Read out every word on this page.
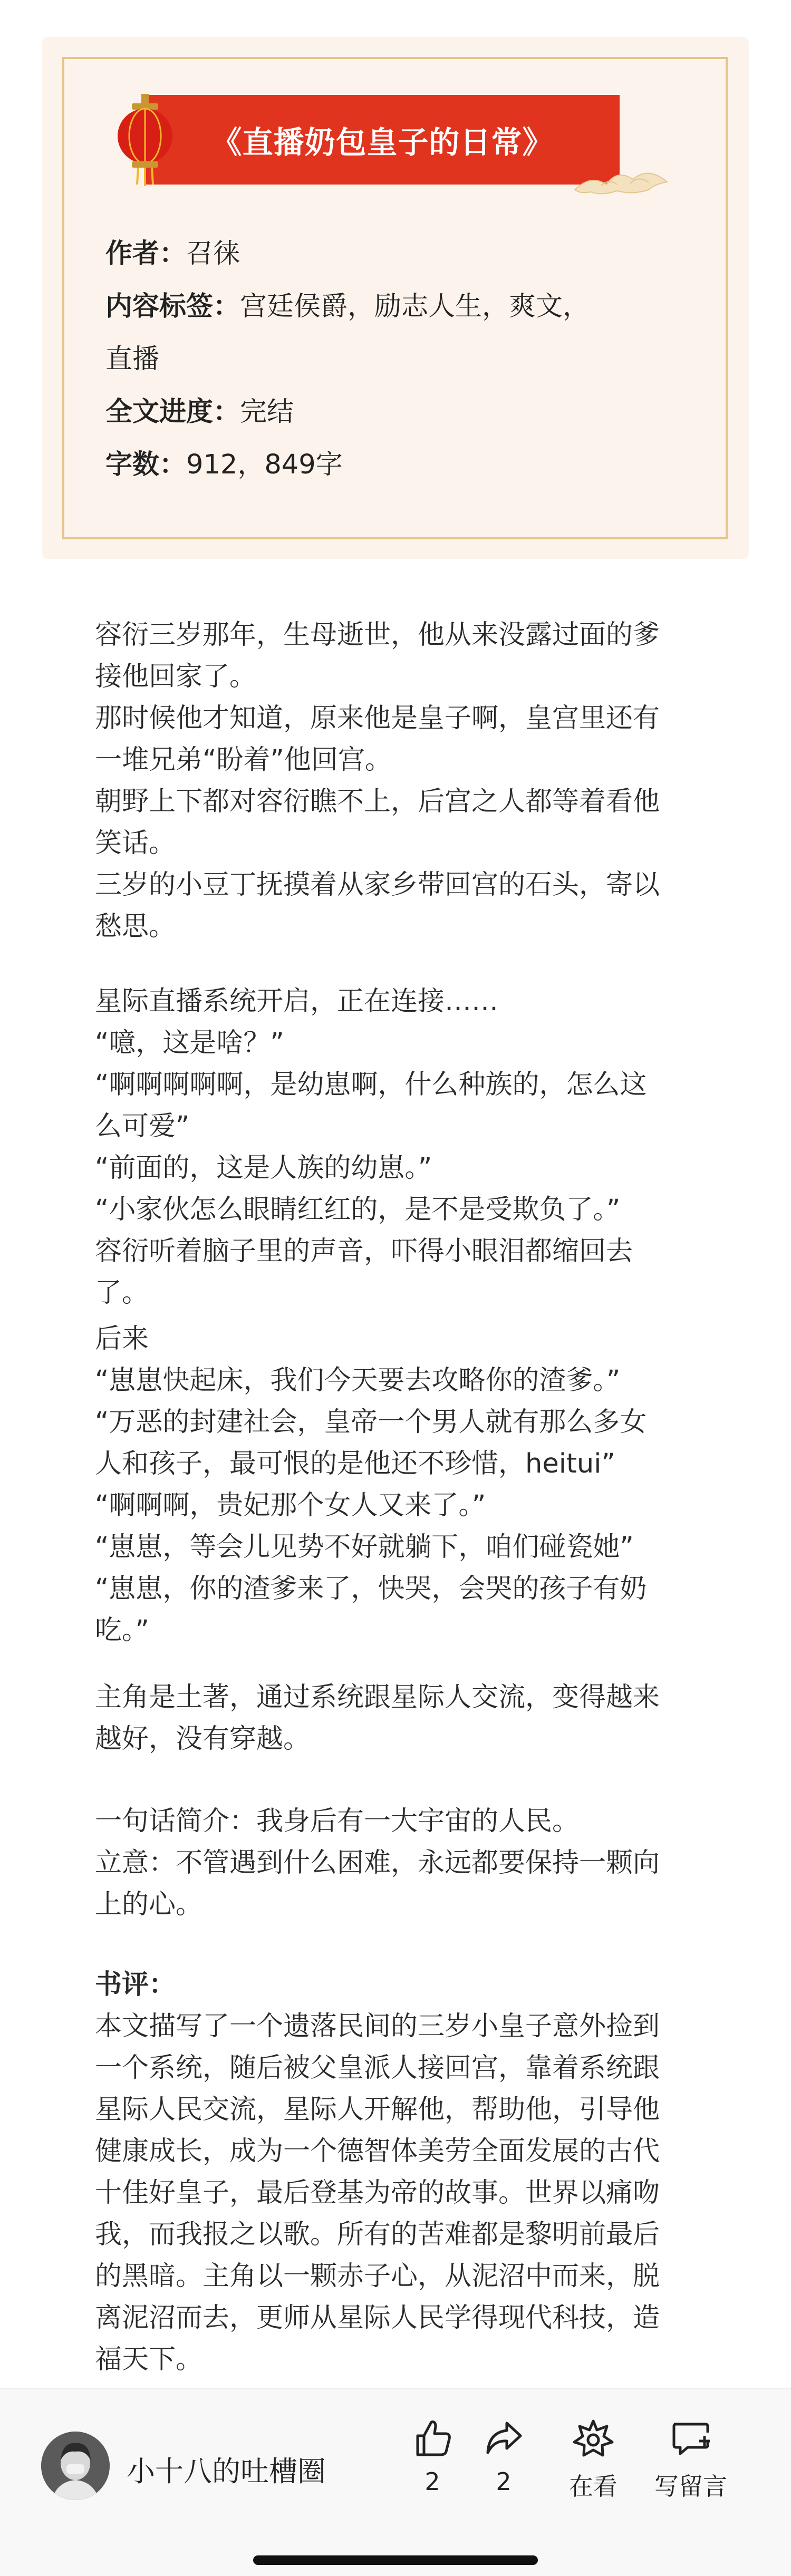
《直播奶包皇子的日常》
作者：召徕
内容标签：宫廷侯爵，励志人生，爽文，
直播
全文进度：完结
字数：912，849字
容衍三岁那年，生母逝世，他从来没露过面的爹
接他回家了。
那时候他才知道，原来他是皇子啊，皇宫里还有
一堆兄弟“盼着”他回宫。
朝野上下都对容衍瞧不上，后宫之人都等着看他
笑话。
三岁的小豆丁抚摸着从家乡带回宫的石头，寄以
愁思。
星际直播系统开启，正在连接……
“噫，这是啥？”
“啊啊啊啊啊，是幼崽啊，什么种族的，怎么这
么可爱”
“前面的，这是人族的幼崽。”
“小家伙怎么眼睛红红的，是不是受欺负了。”
容衍听着脑子里的声音，吓得小眼泪都缩回去
了。
后来
“崽崽快起床，我们今天要去攻略你的渣爹。”
“万恶的封建社会，皇帝一个男人就有那么多女
人和孩子，最可恨的是他还不珍惜，heitui”
“啊啊啊，贵妃那个女人又来了。”
“崽崽，等会儿见势不好就躺下，咱们碰瓷她”
“崽崽，你的渣爹来了，快哭，会哭的孩子有奶
吃。”
主角是土著，通过系统跟星际人交流，变得越来
越好，没有穿越。
一句话简介：我身后有一大宇宙的人民。
立意：不管遇到什么困难，永远都要保持一颗向
上的心。
书评：
本文描写了一个遗落民间的三岁小皇子意外捡到
一个系统，随后被父皇派人接回宫，靠着系统跟
星际人民交流，星际人开解他，帮助他，引导他
健康成长，成为一个德智体美劳全面发展的古代
十佳好皇子，最后登基为帝的故事。世界以痛吻
我，而我报之以歌。所有的苦难都是黎明前最后
的黑暗。主角以一颗赤子心，从泥沼中而来，脱
离泥沼而去，更师从星际人民学得现代科技，造
福天下。
小十八的吐槽圈	2	2	在看	写留言
